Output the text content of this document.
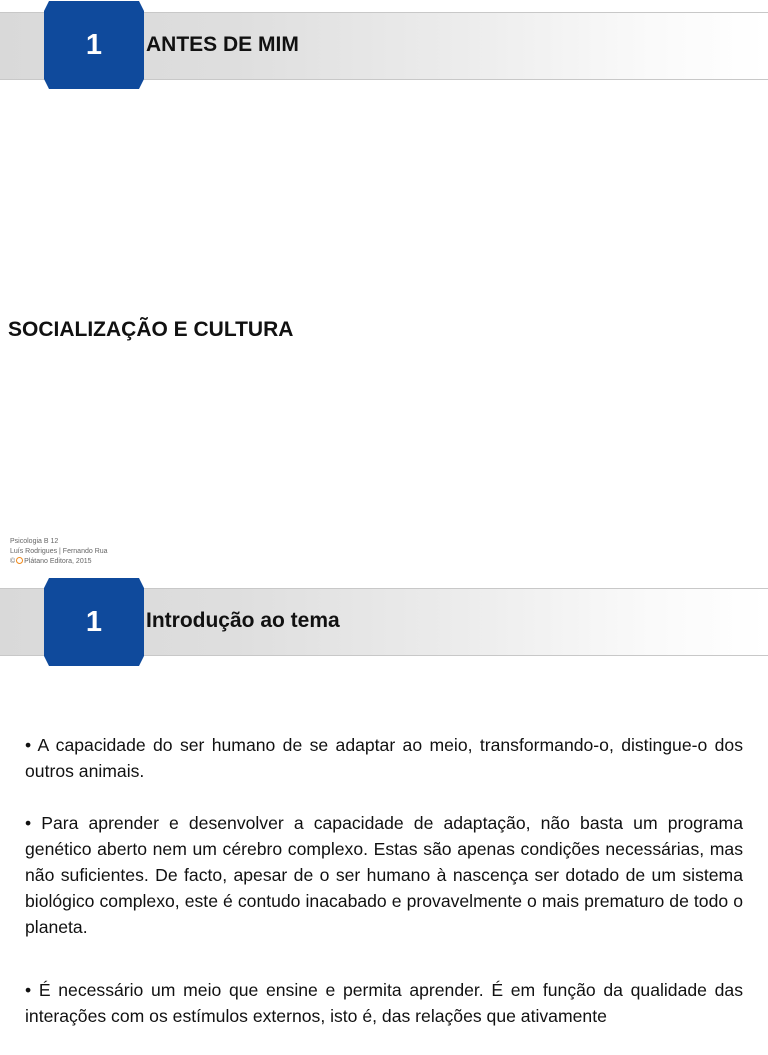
1	ANTES DE MIM
SOCIALIZAÇÃO E CULTURA
Psicologia B 12
Luís Rodrigues | Fernando Rua
© Plátano Editora, 2015
1	Introdução ao tema

• A capacidade do ser humano de se adaptar ao meio, transformando-o, distingue-o dos outros animais.

• Para aprender e desenvolver a capacidade de adaptação, não basta um programa genético aberto nem um cérebro complexo. Estas são apenas condições necessárias, mas não suficientes. De facto, apesar de o ser humano à nascença ser dotado de um sistema biológico complexo, este é contudo inacabado e provavelmente o mais prematuro de todo o planeta.

• É necessário um meio que ensine e permita aprender. É em função da qualidade das interações com os estímulos externos, isto é, das relações que ativamente
